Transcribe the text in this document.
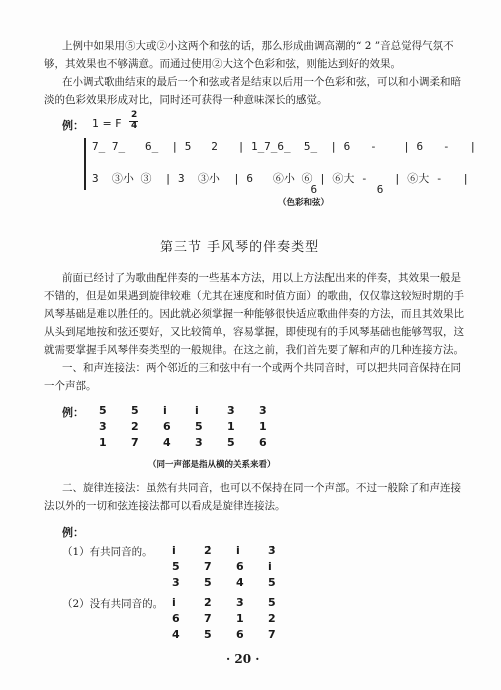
上例中如果用⑤大或②小这两个和弦的话，那么形成曲调高潮的“ 2̇ ”音总觉得气氛不
够，其效果也不够满意。而通过使用②大这个色彩和弦，则能达到好的效果。
在小调式歌曲结束的最后一个和弦或者是结束以后用一个色彩和弦，可以和小调柔和暗
淡的色彩效果形成对比，同时还可获得一种意味深长的感觉。
例： 1 = F
2
4
7̲ 7̲   6̲  | 5   2   | 1̲7̲6̲  5̲  | 6   -    | 6   -   |
3  ③小 ③  | 3  ③小  | 6   ⑥小 ⑥ | ⑥大 -    | ⑥大 -   |
6         6
（色彩和弦）
第三节 手风琴的伴奏类型
前面已经讨了为歌曲配伴奏的一些基本方法，用以上方法配出来的伴奏，其效果一般是
不错的，但是如果遇到旋律较难（尤其在速度和时值方面）的歌曲，仅仅靠这较短时期的手
风琴基础是难以胜任的。因此就必须掌握一种能够很快适应歌曲伴奏的方法，而且其效果比
从头到尾地按和弦还要好，又比较简单，容易掌握，即使现有的手风琴基础也能够驾驭，这
就需要掌握手风琴伴奏类型的一般规律。在这之前，我们首先要了解和声的几种连接方法。
一、和声连接法：两个邻近的三和弦中有一个或两个共同音时，可以把共同音保持在同
一个声部。
例：
（同一声部是指从横的关系来看）
二、旋律连接法：虽然有共同音，也可以不保持在同一个声部。不过一般除了和声连接
法以外的一切和弦连接法都可以看成是旋律连接法。
例：
（1）有共同音的。
（2）没有共同音的。
· 20 ·
5 5 i̇	i̇	3 3
3 2 6 5 1 1
1 7 4 3 5 6
i̇	2̇ i̇	3̇
5 7 6 i̇
3 5 4 5
i̇	2̇ 3 5
6 7 1 2
4 5 6 7
